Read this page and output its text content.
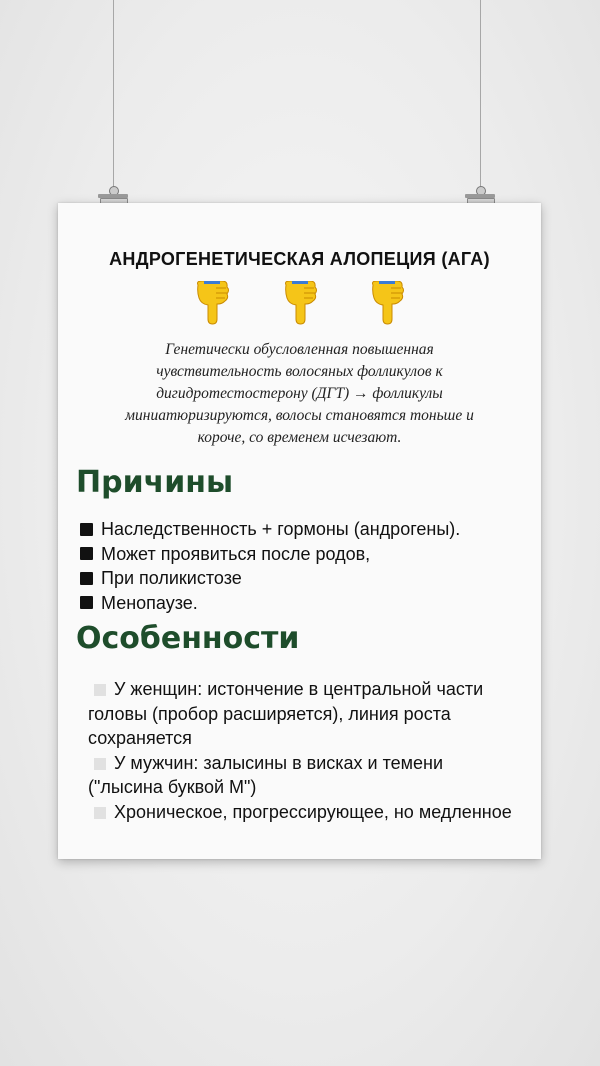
АНДРОГЕНЕТИЧЕСКАЯ АЛОПЕЦИЯ (АГА)

Генетически обусловленная повышенная
чувствительность волосяных фолликулов к
дигидротестостерону (ДГТ) → фолликулы
миниатюризируются, волосы становятся тоньше и
короче, со временем исчезают.
Причины
Наследственность + гормоны (андрогены).
Может проявиться после родов,
При поликистозе
Менопаузе.
Особенности

У женщин: истончение в центральной части головы (пробор расширяется), линия роста сохраняется

У мужчин: залысины в висках и темени ("лысина буквой М")

Хроническое, прогрессирующее, но медленное
